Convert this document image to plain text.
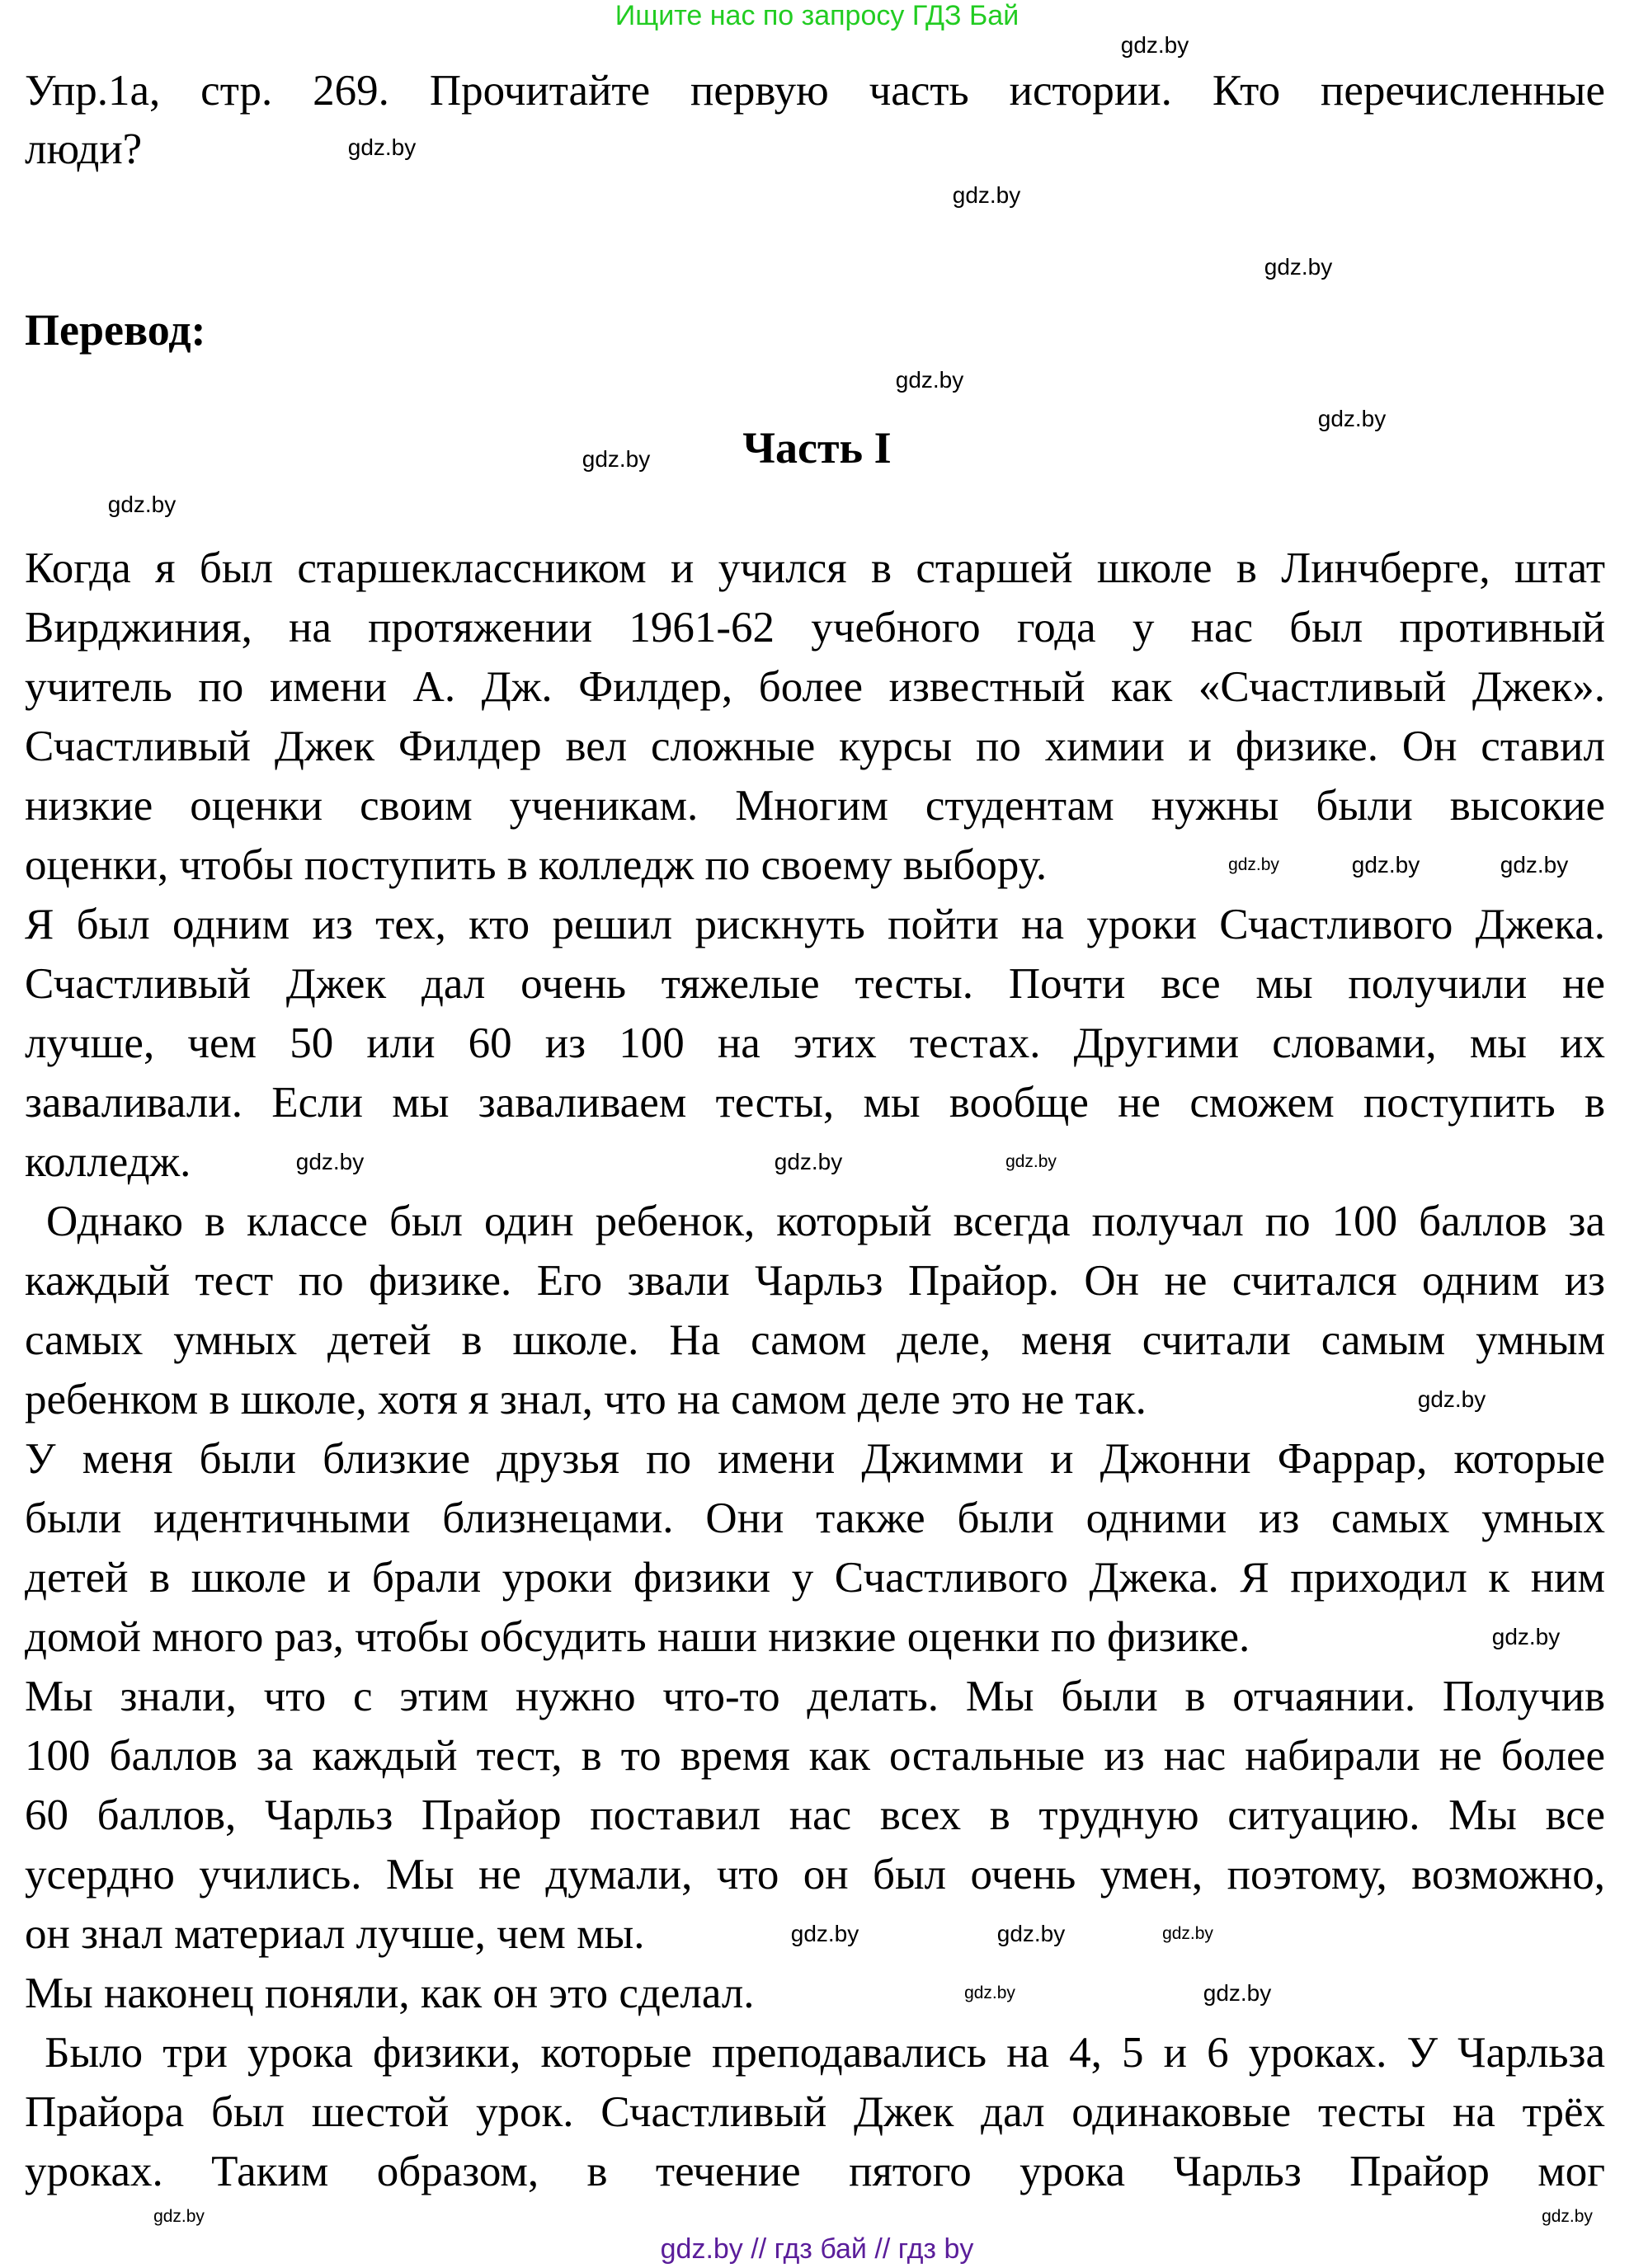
Ищите нас по запросу ГДЗ Бай
Упр.1а, стр. 269. Прочитайте первую часть истории. Кто перечисленные
люди?
Перевод:
Часть I
Когда я был старшеклассником и учился в старшей школе в Линчберге, штат
Вирджиния, на протяжении 1961-62 учебного года у нас был противный
учитель по имени А. Дж. Филдер, более известный как «Счастливый Джек».
Счастливый Джек Филдер вел сложные курсы по химии и физике. Он ставил
низкие оценки своим ученикам. Многим студентам нужны были высокие
оценки, чтобы поступить в колледж по своему выбору.
Я был одним из тех, кто решил рискнуть пойти на уроки Счастливого Джека.
Счастливый Джек дал очень тяжелые тесты. Почти все мы получили не
лучше, чем 50 или 60 из 100 на этих тестах. Другими словами, мы их
заваливали. Если мы заваливаем тесты, мы вообще не сможем поступить в
колледж.
Однако в классе был один ребенок, который всегда получал по 100 баллов за
каждый тест по физике. Его звали Чарльз Прайор. Он не считался одним из
самых умных детей в школе. На самом деле, меня считали самым умным
ребенком в школе, хотя я знал, что на самом деле это не так.
У меня были близкие друзья по имени Джимми и Джонни Фаррар, которые
были идентичными близнецами. Они также были одними из самых умных
детей в школе и брали уроки физики у Счастливого Джека. Я приходил к ним
домой много раз, чтобы обсудить наши низкие оценки по физике.
Мы знали, что с этим нужно что-то делать. Мы были в отчаянии. Получив
100 баллов за каждый тест, в то время как остальные из нас набирали не более
60 баллов, Чарльз Прайор поставил нас всех в трудную ситуацию. Мы все
усердно учились. Мы не думали, что он был очень умен, поэтому, возможно,
он знал материал лучше, чем мы.
Мы наконец поняли, как он это сделал.
Было три урока физики, которые преподавались на 4, 5 и 6 уроках. У Чарльза
Прайора был шестой урок. Счастливый Джек дал одинаковые тесты на трёх
уроках. Таким образом, в течение пятого урока Чарльз Прайор мог
gdz.by
gdz.by
gdz.by
gdz.by
gdz.by
gdz.by
gdz.by
gdz.by
gdz.by	gdz.by	gdz.by
gdz.by	gdz.by	gdz.by
gdz.by
gdz.by
gdz.by	gdz.by	gdz.by
gdz.by	gdz.by
gdz.by
gdz.by
gdz.by // гдз бай // гдз by
